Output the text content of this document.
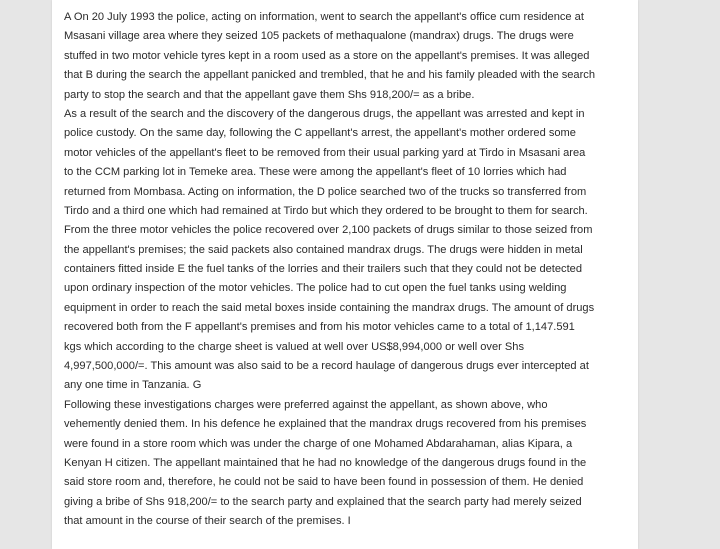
A On 20 July 1993 the police, acting on information, went to search the appellant's office cum residence at
Msasani village area where they seized 105 packets of methaqualone (mandrax) drugs. The drugs were
stuffed in two motor vehicle tyres kept in a room used as a store on the appellant's premises. It was alleged
that B during the search the appellant panicked and trembled, that he and his family pleaded with the search
party to stop the search and that the appellant gave them Shs 918,200/= as a bribe.
As a result of the search and the discovery of the dangerous drugs, the appellant was arrested and kept in
police custody. On the same day, following the C appellant's arrest, the appellant's mother ordered some
motor vehicles of the appellant's fleet to be removed from their usual parking yard at Tirdo in Msasani area
to the CCM parking lot in Temeke area. These were among the appellant's fleet of 10 lorries which had
returned from Mombasa. Acting on information, the D police searched two of the trucks so transferred from
Tirdo and a third one which had remained at Tirdo but which they ordered to be brought to them for search.
From the three motor vehicles the police recovered over 2,100 packets of drugs similar to those seized from
the appellant's premises; the said packets also contained mandrax drugs. The drugs were hidden in metal
containers fitted inside E the fuel tanks of the lorries and their trailers such that they could not be detected
upon ordinary inspection of the motor vehicles. The police had to cut open the fuel tanks using welding
equipment in order to reach the said metal boxes inside containing the mandrax drugs. The amount of drugs
recovered both from the F appellant's premises and from his motor vehicles came to a total of 1,147.591
kgs which according to the charge sheet is valued at well over US$8,994,000 or well over Shs
4,997,500,000/=. This amount was also said to be a record haulage of dangerous drugs ever intercepted at
any one time in Tanzania. G
Following these investigations charges were preferred against the appellant, as shown above, who
vehemently denied them. In his defence he explained that the mandrax drugs recovered from his premises
were found in a store room which was under the charge of one Mohamed Abdarahaman, alias Kipara, a
Kenyan H citizen. The appellant maintained that he had no knowledge of the dangerous drugs found in the
said store room and, therefore, he could not be said to have been found in possession of them. He denied
giving a bribe of Shs 918,200/= to the search party and explained that the search party had merely seized
that amount in the course of their search of the premises. I
